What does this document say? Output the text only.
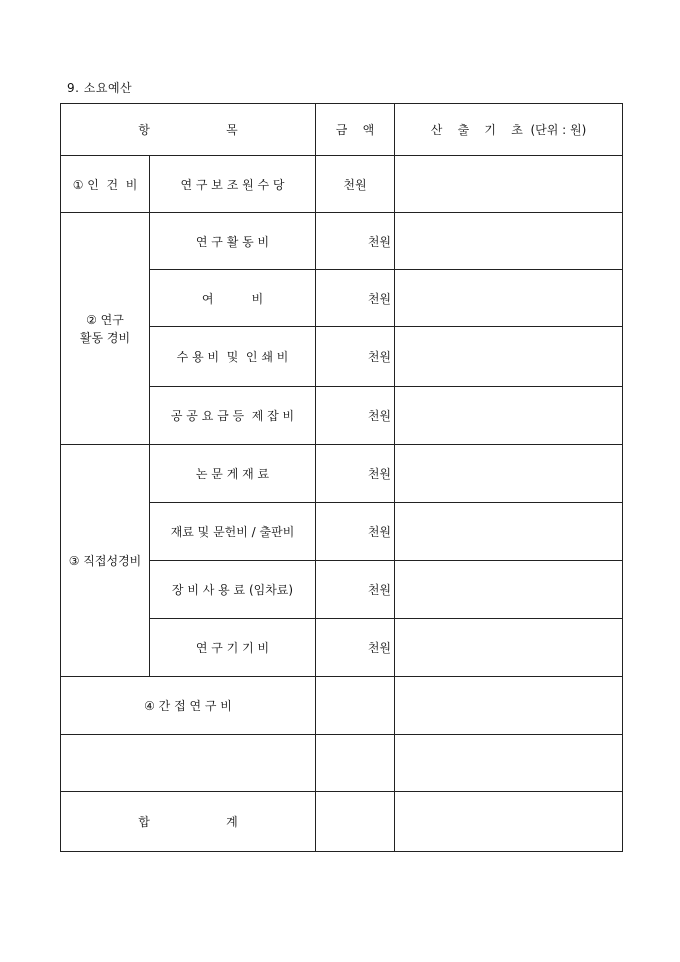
9. 소요예산
항                    목		금    액	산    출    기    초  (단위 : 원)
① 인  건  비	연 구 보 조 원 수 당	천원	
② 연구
활동 경비	연 구 활 동 비	천원	
	여          비	천원	
	수 용 비  및  인 쇄 비	천원	
	공 공 요 금 등  제 잡 비	천원	
③ 직접성경비	논 문 게 재 료	천원	
	재료 및 문헌비 / 출판비	천원	
	장 비 사 용 료 (임차료)	천원	
	연 구 기 기 비	천원	
④ 간 접 연 구 비			

합                    계			
